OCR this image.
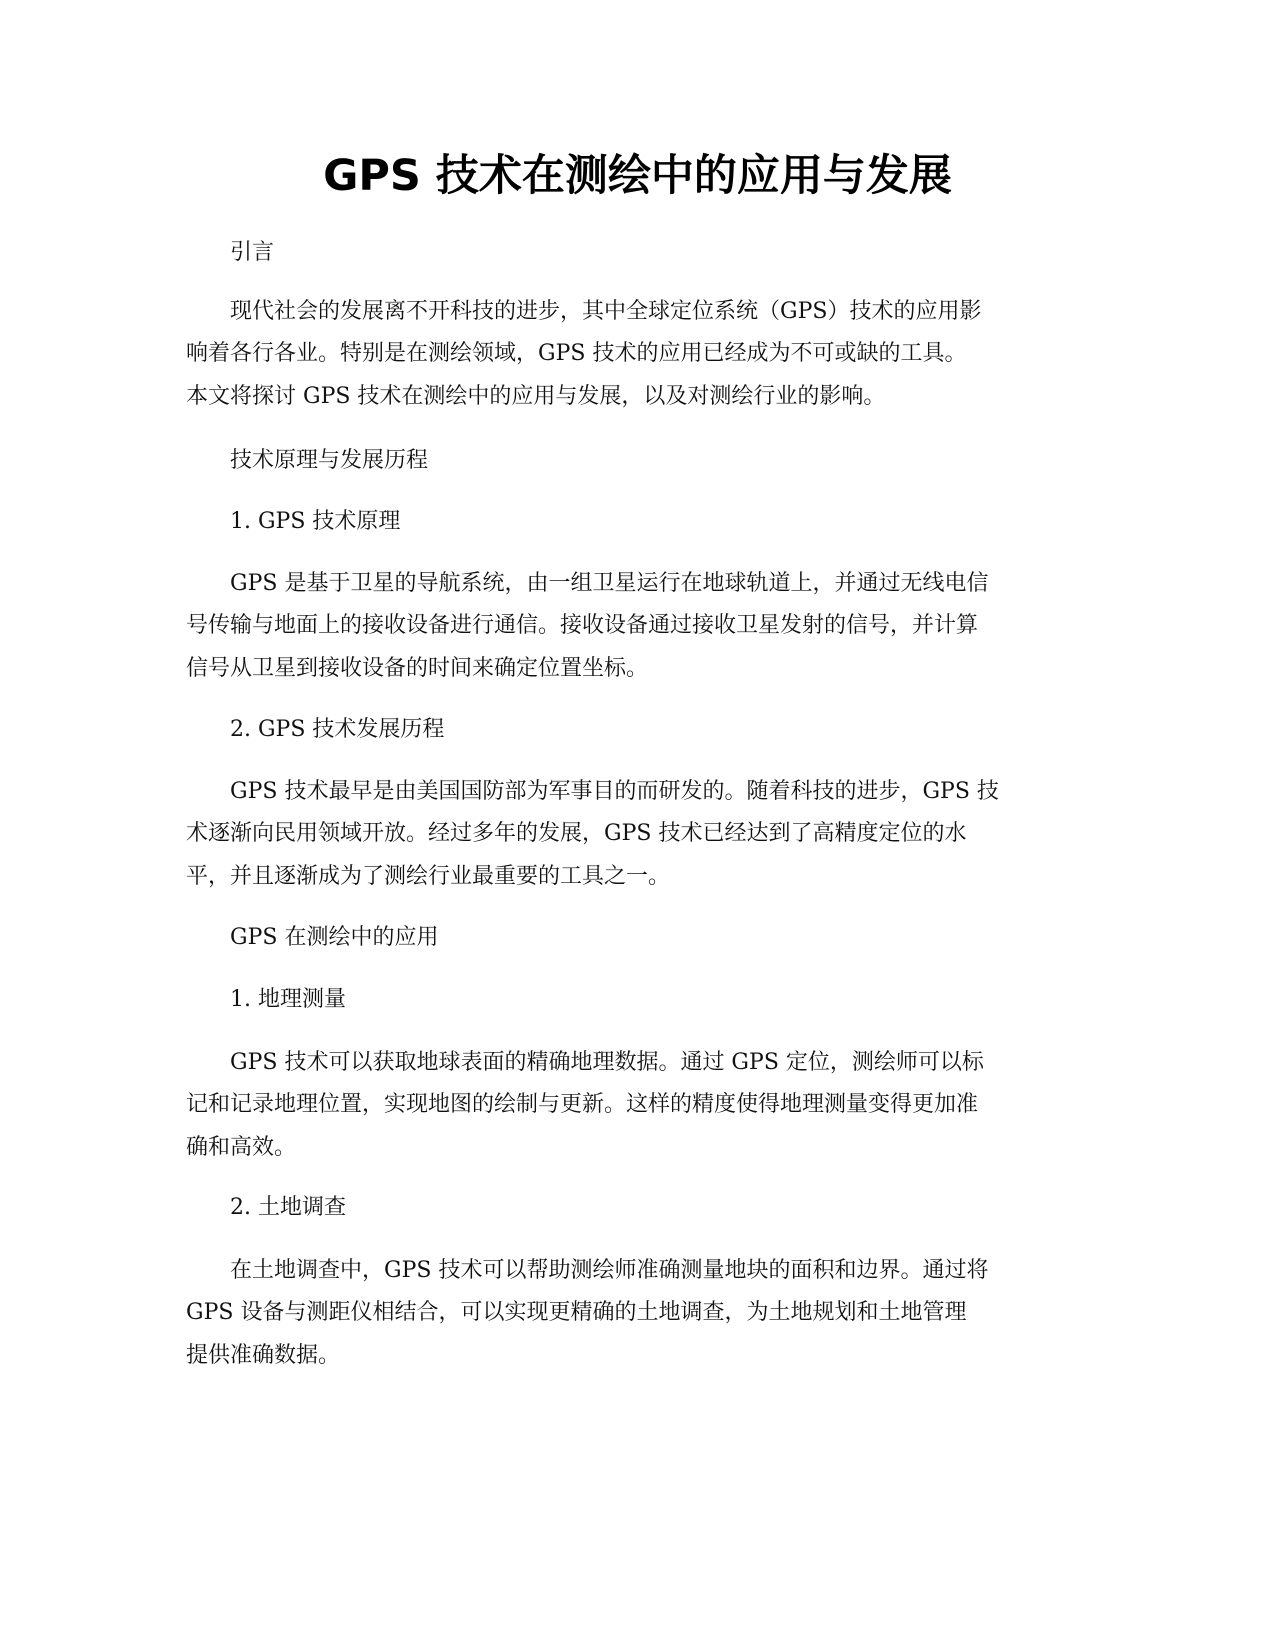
GPS 技术在测绘中的应用与发展
引言
现代社会的发展离不开科技的进步，其中全球定位系统（GPS）技术的应用影
响着各行各业。特别是在测绘领域，GPS 技术的应用已经成为不可或缺的工具。
本文将探讨 GPS 技术在测绘中的应用与发展，以及对测绘行业的影响。
技术原理与发展历程
1. GPS 技术原理
GPS 是基于卫星的导航系统，由一组卫星运行在地球轨道上，并通过无线电信
号传输与地面上的接收设备进行通信。接收设备通过接收卫星发射的信号，并计算
信号从卫星到接收设备的时间来确定位置坐标。
2. GPS 技术发展历程
GPS 技术最早是由美国国防部为军事目的而研发的。随着科技的进步，GPS 技
术逐渐向民用领域开放。经过多年的发展，GPS 技术已经达到了高精度定位的水
平，并且逐渐成为了测绘行业最重要的工具之一。
GPS 在测绘中的应用
1. 地理测量
GPS 技术可以获取地球表面的精确地理数据。通过 GPS 定位，测绘师可以标
记和记录地理位置，实现地图的绘制与更新。这样的精度使得地理测量变得更加准
确和高效。
2. 土地调查
在土地调查中，GPS 技术可以帮助测绘师准确测量地块的面积和边界。通过将
GPS 设备与测距仪相结合，可以实现更精确的土地调查，为土地规划和土地管理
提供准确数据。
